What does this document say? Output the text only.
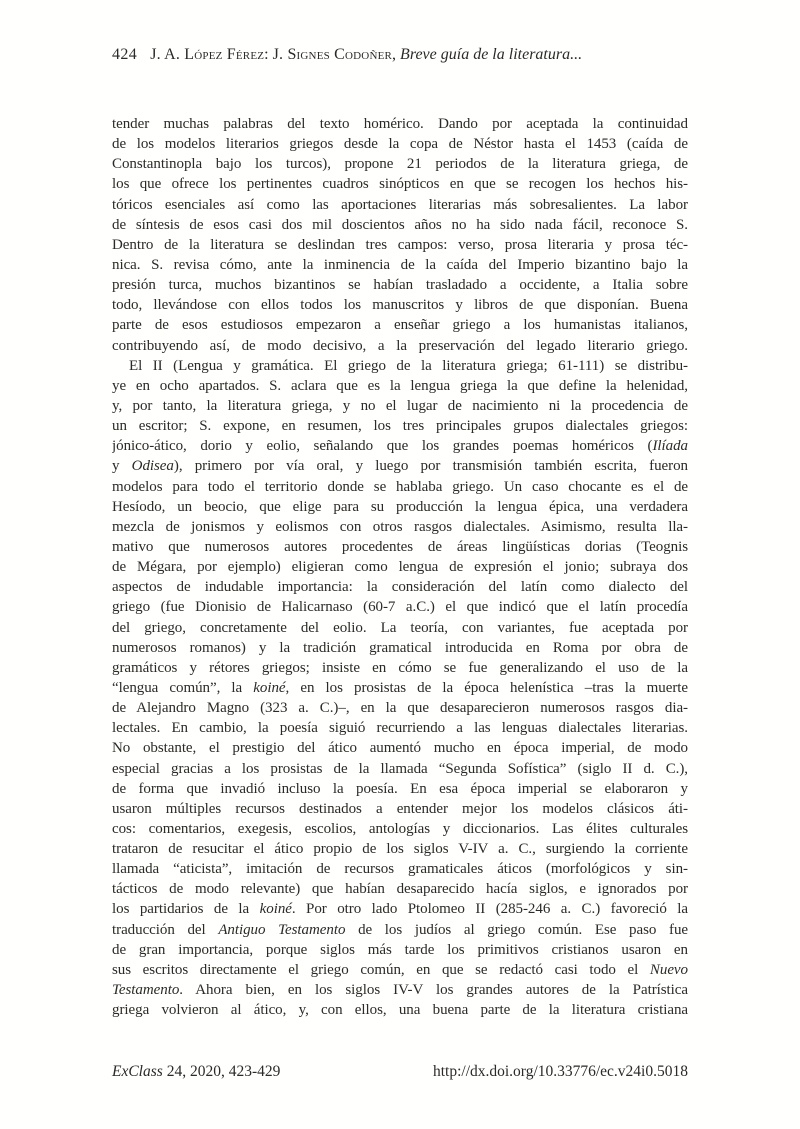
424 J. A. López Férez: J. Signes Codoñer, Breve guía de la literatura...
tender muchas palabras del texto homérico. Dando por aceptada la continuidad
de los modelos literarios griegos desde la copa de Néstor hasta el 1453 (caída de
Constantinopla bajo los turcos), propone 21 periodos de la literatura griega, de
los que ofrece los pertinentes cuadros sinópticos en que se recogen los hechos his-
tóricos esenciales así como las aportaciones literarias más sobresalientes. La labor
de síntesis de esos casi dos mil doscientos años no ha sido nada fácil, reconoce S.
Dentro de la literatura se deslindan tres campos: verso, prosa literaria y prosa téc-
nica. S. revisa cómo, ante la inminencia de la caída del Imperio bizantino bajo la
presión turca, muchos bizantinos se habían trasladado a occidente, a Italia sobre
todo, llevándose con ellos todos los manuscritos y libros de que disponían. Buena
parte de esos estudiosos empezaron a enseñar griego a los humanistas italianos,
contribuyendo así, de modo decisivo, a la preservación del legado literario griego.
El II (Lengua y gramática. El griego de la literatura griega; 61-111) se distribu-
ye en ocho apartados. S. aclara que es la lengua griega la que define la helenidad,
y, por tanto, la literatura griega, y no el lugar de nacimiento ni la procedencia de
un escritor; S. expone, en resumen, los tres principales grupos dialectales griegos:
jónico-ático, dorio y eolio, señalando que los grandes poemas homéricos (Ilíada
y Odisea), primero por vía oral, y luego por transmisión también escrita, fueron
modelos para todo el territorio donde se hablaba griego. Un caso chocante es el de
Hesíodo, un beocio, que elige para su producción la lengua épica, una verdadera
mezcla de jonismos y eolismos con otros rasgos dialectales. Asimismo, resulta lla-
mativo que numerosos autores procedentes de áreas lingüísticas dorias (Teognis
de Mégara, por ejemplo) eligieran como lengua de expresión el jonio; subraya dos
aspectos de indudable importancia: la consideración del latín como dialecto del
griego (fue Dionisio de Halicarnaso (60-7 a.C.) el que indicó que el latín procedía
del griego, concretamente del eolio. La teoría, con variantes, fue aceptada por
numerosos romanos) y la tradición gramatical introducida en Roma por obra de
gramáticos y rétores griegos; insiste en cómo se fue generalizando el uso de la
“lengua común”, la koiné, en los prosistas de la época helenística –tras la muerte
de Alejandro Magno (323 a. C.)–, en la que desaparecieron numerosos rasgos dia-
lectales. En cambio, la poesía siguió recurriendo a las lenguas dialectales literarias.
No obstante, el prestigio del ático aumentó mucho en época imperial, de modo
especial gracias a los prosistas de la llamada “Segunda Sofística” (siglo II d. C.),
de forma que invadió incluso la poesía. En esa época imperial se elaboraron y
usaron múltiples recursos destinados a entender mejor los modelos clásicos áti-
cos: comentarios, exegesis, escolios, antologías y diccionarios. Las élites culturales
trataron de resucitar el ático propio de los siglos V-IV a. C., surgiendo la corriente
llamada “aticista”, imitación de recursos gramaticales áticos (morfológicos y sin-
tácticos de modo relevante) que habían desaparecido hacía siglos, e ignorados por
los partidarios de la koiné. Por otro lado Ptolomeo II (285-246 a. C.) favoreció la
traducción del Antiguo Testamento de los judíos al griego común. Ese paso fue
de gran importancia, porque siglos más tarde los primitivos cristianos usaron en
sus escritos directamente el griego común, en que se redactó casi todo el Nuevo
Testamento. Ahora bien, en los siglos IV-V los grandes autores de la Patrística
griega volvieron al ático, y, con ellos, una buena parte de la literatura cristiana
ExClass 24, 2020, 423-429	http://dx.doi.org/10.33776/ec.v24i0.5018
